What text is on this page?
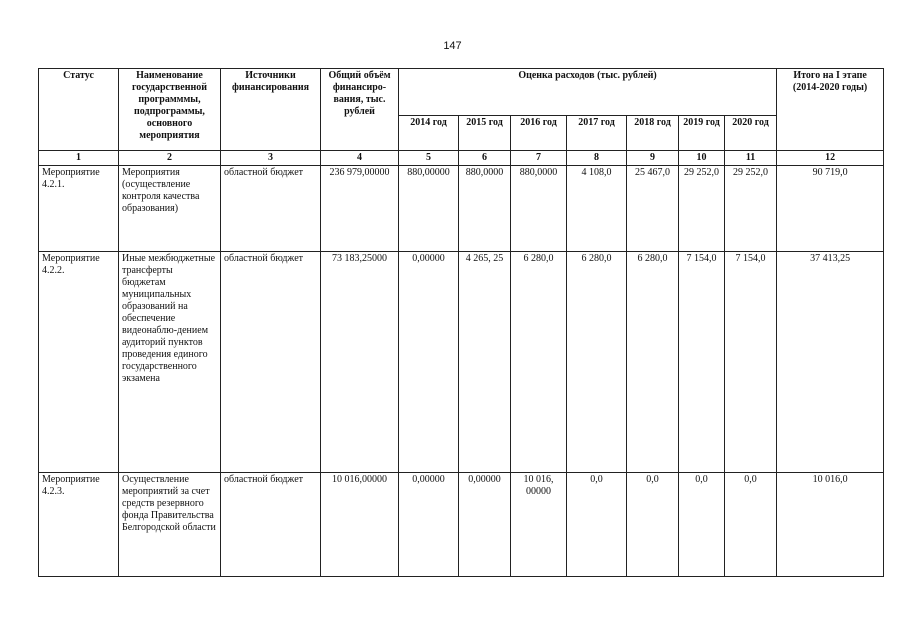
147
Статус	Наименование государственной программмы, подпрограммы, основного мероприятия	Источники финансирования	Общий объём финансиро-вания, тыс. рублей	Оценка расходов (тыс. рублей)							Итого на I этапе (2014-2020 годы)
				2014 год	2015 год	2016 год	2017 год	2018 год	2019 год	2020 год	
1	2	3	4	5	6	7	8	9	10	11	12
Мероприятие 4.2.1.	Мероприятия (осуществление контроля качества образования)	областной бюджет	236 979,00000	880,00000	880,0000	880,0000	4 108,0	25 467,0	29 252,0	29 252,0	90 719,0
Мероприятие 4.2.2.	Иные межбюджетные трансферты бюджетам муниципальных образований на обеспечение видеонаблю-дением аудиторий пунктов проведения единого государственного экзамена	областной бюджет	73 183,25000	0,00000	4 265, 25	6 280,0	6 280,0	6 280,0	7 154,0	7 154,0	37 413,25
Мероприятие 4.2.3.	Осуществление мероприятий за счет средств резервного фонда Правительства Белгородской области	областной бюджет	10 016,00000	0,00000	0,00000	10 016, 00000	0,0	0,0	0,0	0,0	10 016,0
